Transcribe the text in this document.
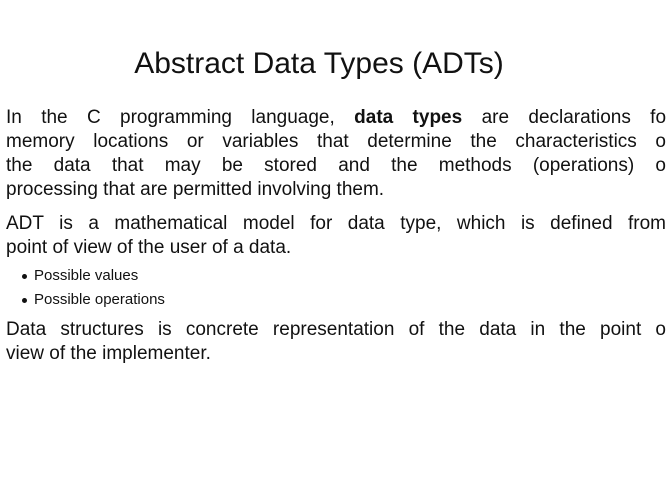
Abstract Data Types (ADTs)
In the C programming language, data types are declarations fo
memory locations or variables that determine the characteristics o
the data that may be stored and the methods (operations) o
processing that are permitted involving them.
ADT is a mathematical model for data type, which is defined from
point of view of the user of a data.
Possible values
Possible operations
Data structures is concrete representation of the data in the point o
view of the implementer.
